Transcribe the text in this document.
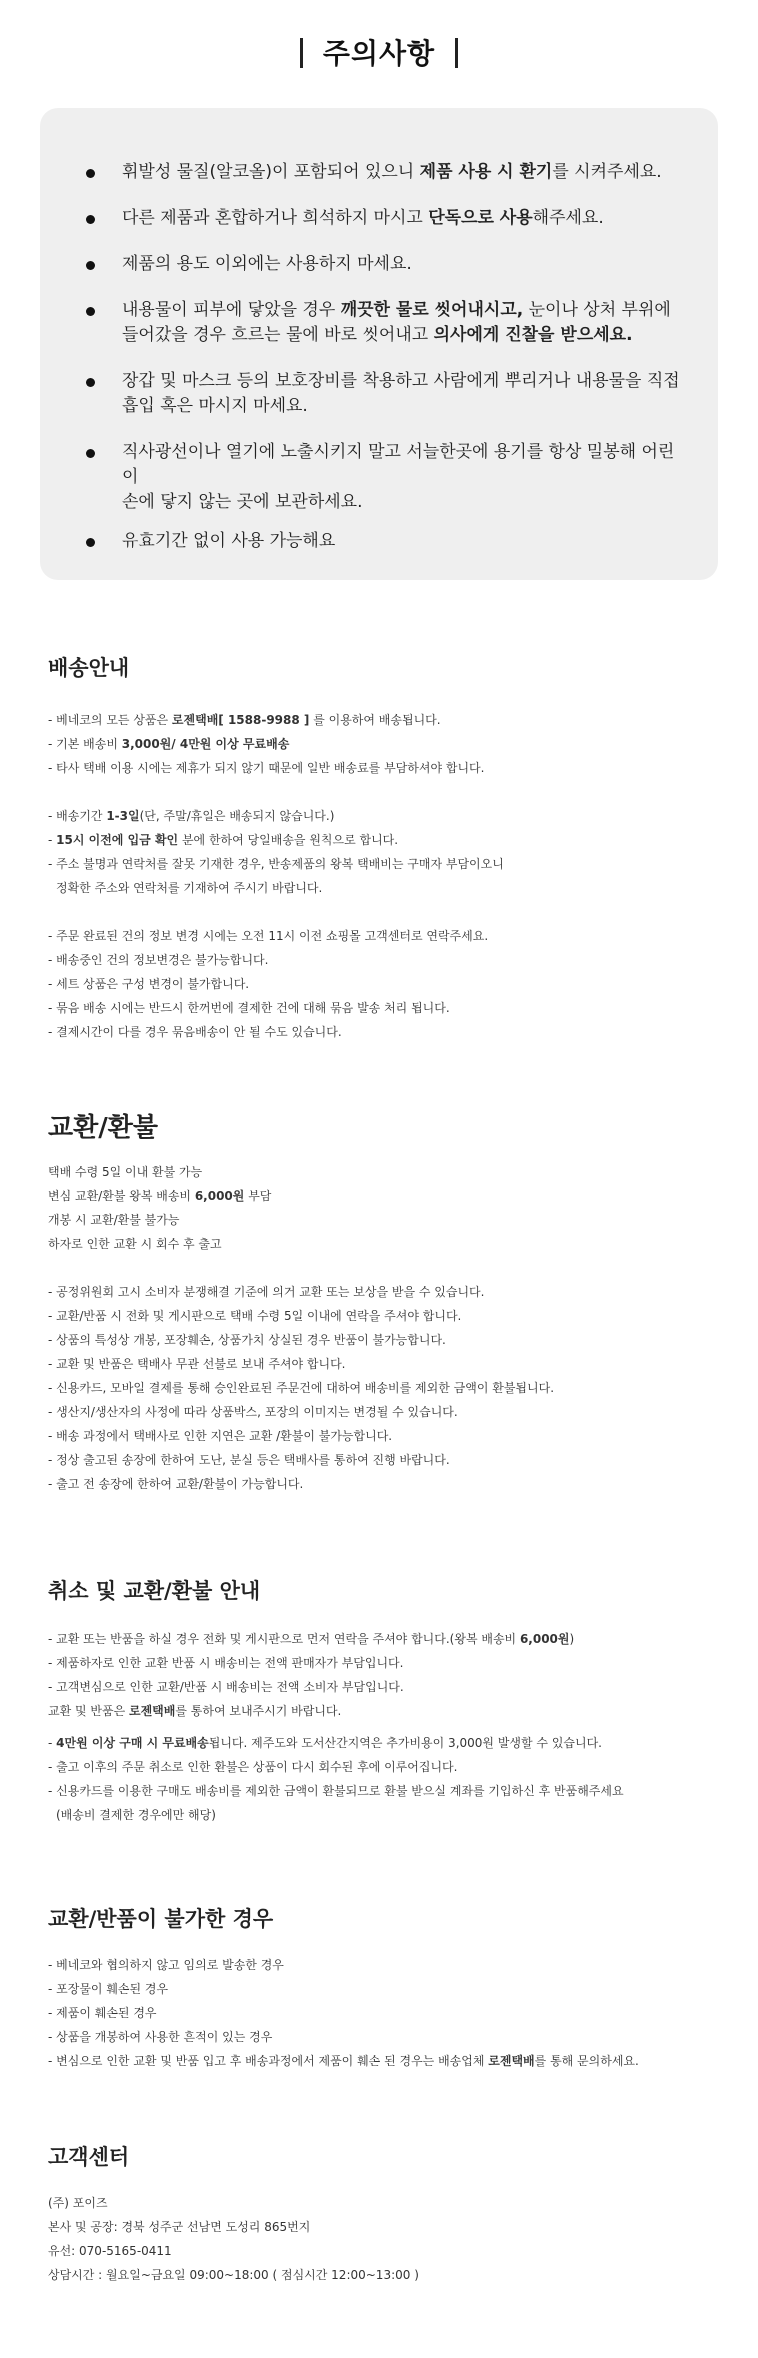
주의사항
휘발성 물질(알코올)이 포함되어 있으니 제품 사용 시 환기를 시켜주세요.
다른 제품과 혼합하거나 희석하지 마시고 단독으로 사용해주세요.
제품의 용도 이외에는 사용하지 마세요.
내용물이 피부에 닿았을 경우 깨끗한 물로 씻어내시고, 눈이나 상처 부위에
들어갔을 경우 흐르는 물에 바로 씻어내고 의사에게 진찰을 받으세요.
장갑 및 마스크 등의 보호장비를 착용하고 사람에게 뿌리거나 내용물을 직접
흡입 혹은 마시지 마세요.
직사광선이나 열기에 노출시키지 말고 서늘한곳에 용기를 항상 밀봉해 어린이
손에 닿지 않는 곳에 보관하세요.
유효기간 없이 사용 가능해요
배송안내
- 베네코의 모든 상품은 로젠택배[ 1588-9988 ] 를 이용하여 배송됩니다.
- 기본 배송비 3,000원/ 4만원 이상 무료배송
- 타사 택배 이용 시에는 제휴가 되지 않기 때문에 일반 배송료를 부담하셔야 합니다.
- 배송기간 1-3일(단, 주말/휴일은 배송되지 않습니다.)
- 15시 이전에 입금 확인 분에 한하여 당일배송을 원칙으로 합니다.
- 주소 불명과 연락처를 잘못 기재한 경우, 반송제품의 왕복 택배비는 구매자 부담이오니
정확한 주소와 연락처를 기재하여 주시기 바랍니다.
- 주문 완료된 건의 정보 변경 시에는 오전 11시 이전 쇼핑몰 고객센터로 연락주세요.
- 배송중인 건의 정보변경은 불가능합니다.
- 세트 상품은 구성 변경이 불가합니다.
- 묶음 배송 시에는 반드시 한꺼번에 결제한 건에 대해 묶음 발송 처리 됩니다.
- 결제시간이 다를 경우 묶음배송이 안 될 수도 있습니다.
교환/환불
택배 수령 5일 이내 환불 가능
변심 교환/환불 왕복 배송비 6,000원 부담
개봉 시 교환/환불 불가능
하자로 인한 교환 시 회수 후 출고
- 공정위원회 고시 소비자 분쟁해결 기준에 의거 교환 또는 보상을 받을 수 있습니다.
- 교환/반품 시 전화 및 게시판으로 택배 수령 5일 이내에 연락을 주셔야 합니다.
- 상품의 특성상 개봉, 포장훼손, 상품가치 상실된 경우 반품이 불가능합니다.
- 교환 및 반품은 택배사 무관 선불로 보내 주셔야 합니다.
- 신용카드, 모바일 결제를 통해 승인완료된 주문건에 대하여 배송비를 제외한 금액이 환불됩니다.
- 생산지/생산자의 사정에 따라 상품박스, 포장의 이미지는 변경될 수 있습니다.
- 배송 과정에서 택배사로 인한 지연은 교환 /환불이 불가능합니다.
- 정상 출고된 송장에 한하여 도난, 분실 등은 택배사를 통하여 진행 바랍니다.
- 출고 전 송장에 한하여 교환/환불이 가능합니다.
취소 및 교환/환불 안내
- 교환 또는 반품을 하실 경우 전화 및 게시판으로 먼저 연락을 주셔야 합니다.(왕복 배송비 6,000원)
- 제품하자로 인한 교환 반품 시 배송비는 전액 판매자가 부담입니다.
- 고객변심으로 인한 교환/반품 시 배송비는 전액 소비자 부담입니다.
교환 및 반품은 로젠택배를 통하여 보내주시기 바랍니다.
- 4만원 이상 구매 시 무료배송됩니다. 제주도와 도서산간지역은 추가비용이 3,000원 발생할 수 있습니다.
- 출고 이후의 주문 취소로 인한 환불은 상품이 다시 회수된 후에 이루어집니다.
- 신용카드를 이용한 구매도 배송비를 제외한 금액이 환불되므로 환불 받으실 계좌를 기입하신 후 반품해주세요
(배송비 결제한 경우에만 해당)
교환/반품이 불가한 경우
- 베네코와 협의하지 않고 임의로 발송한 경우
- 포장물이 훼손된 경우
- 제품이 훼손된 경우
- 상품을 개봉하여 사용한 흔적이 있는 경우
- 변심으로 인한 교환 및 반품 입고 후 배송과정에서 제품이 훼손 된 경우는 배송업체 로젠택배를 통해 문의하세요.
고객센터
(주) 포이즈
본사 및 공장: 경북 성주군 선남면 도성리 865번지
유선: 070-5165-0411
상담시간 : 월요일~금요일 09:00~18:00 ( 점심시간 12:00~13:00 )
